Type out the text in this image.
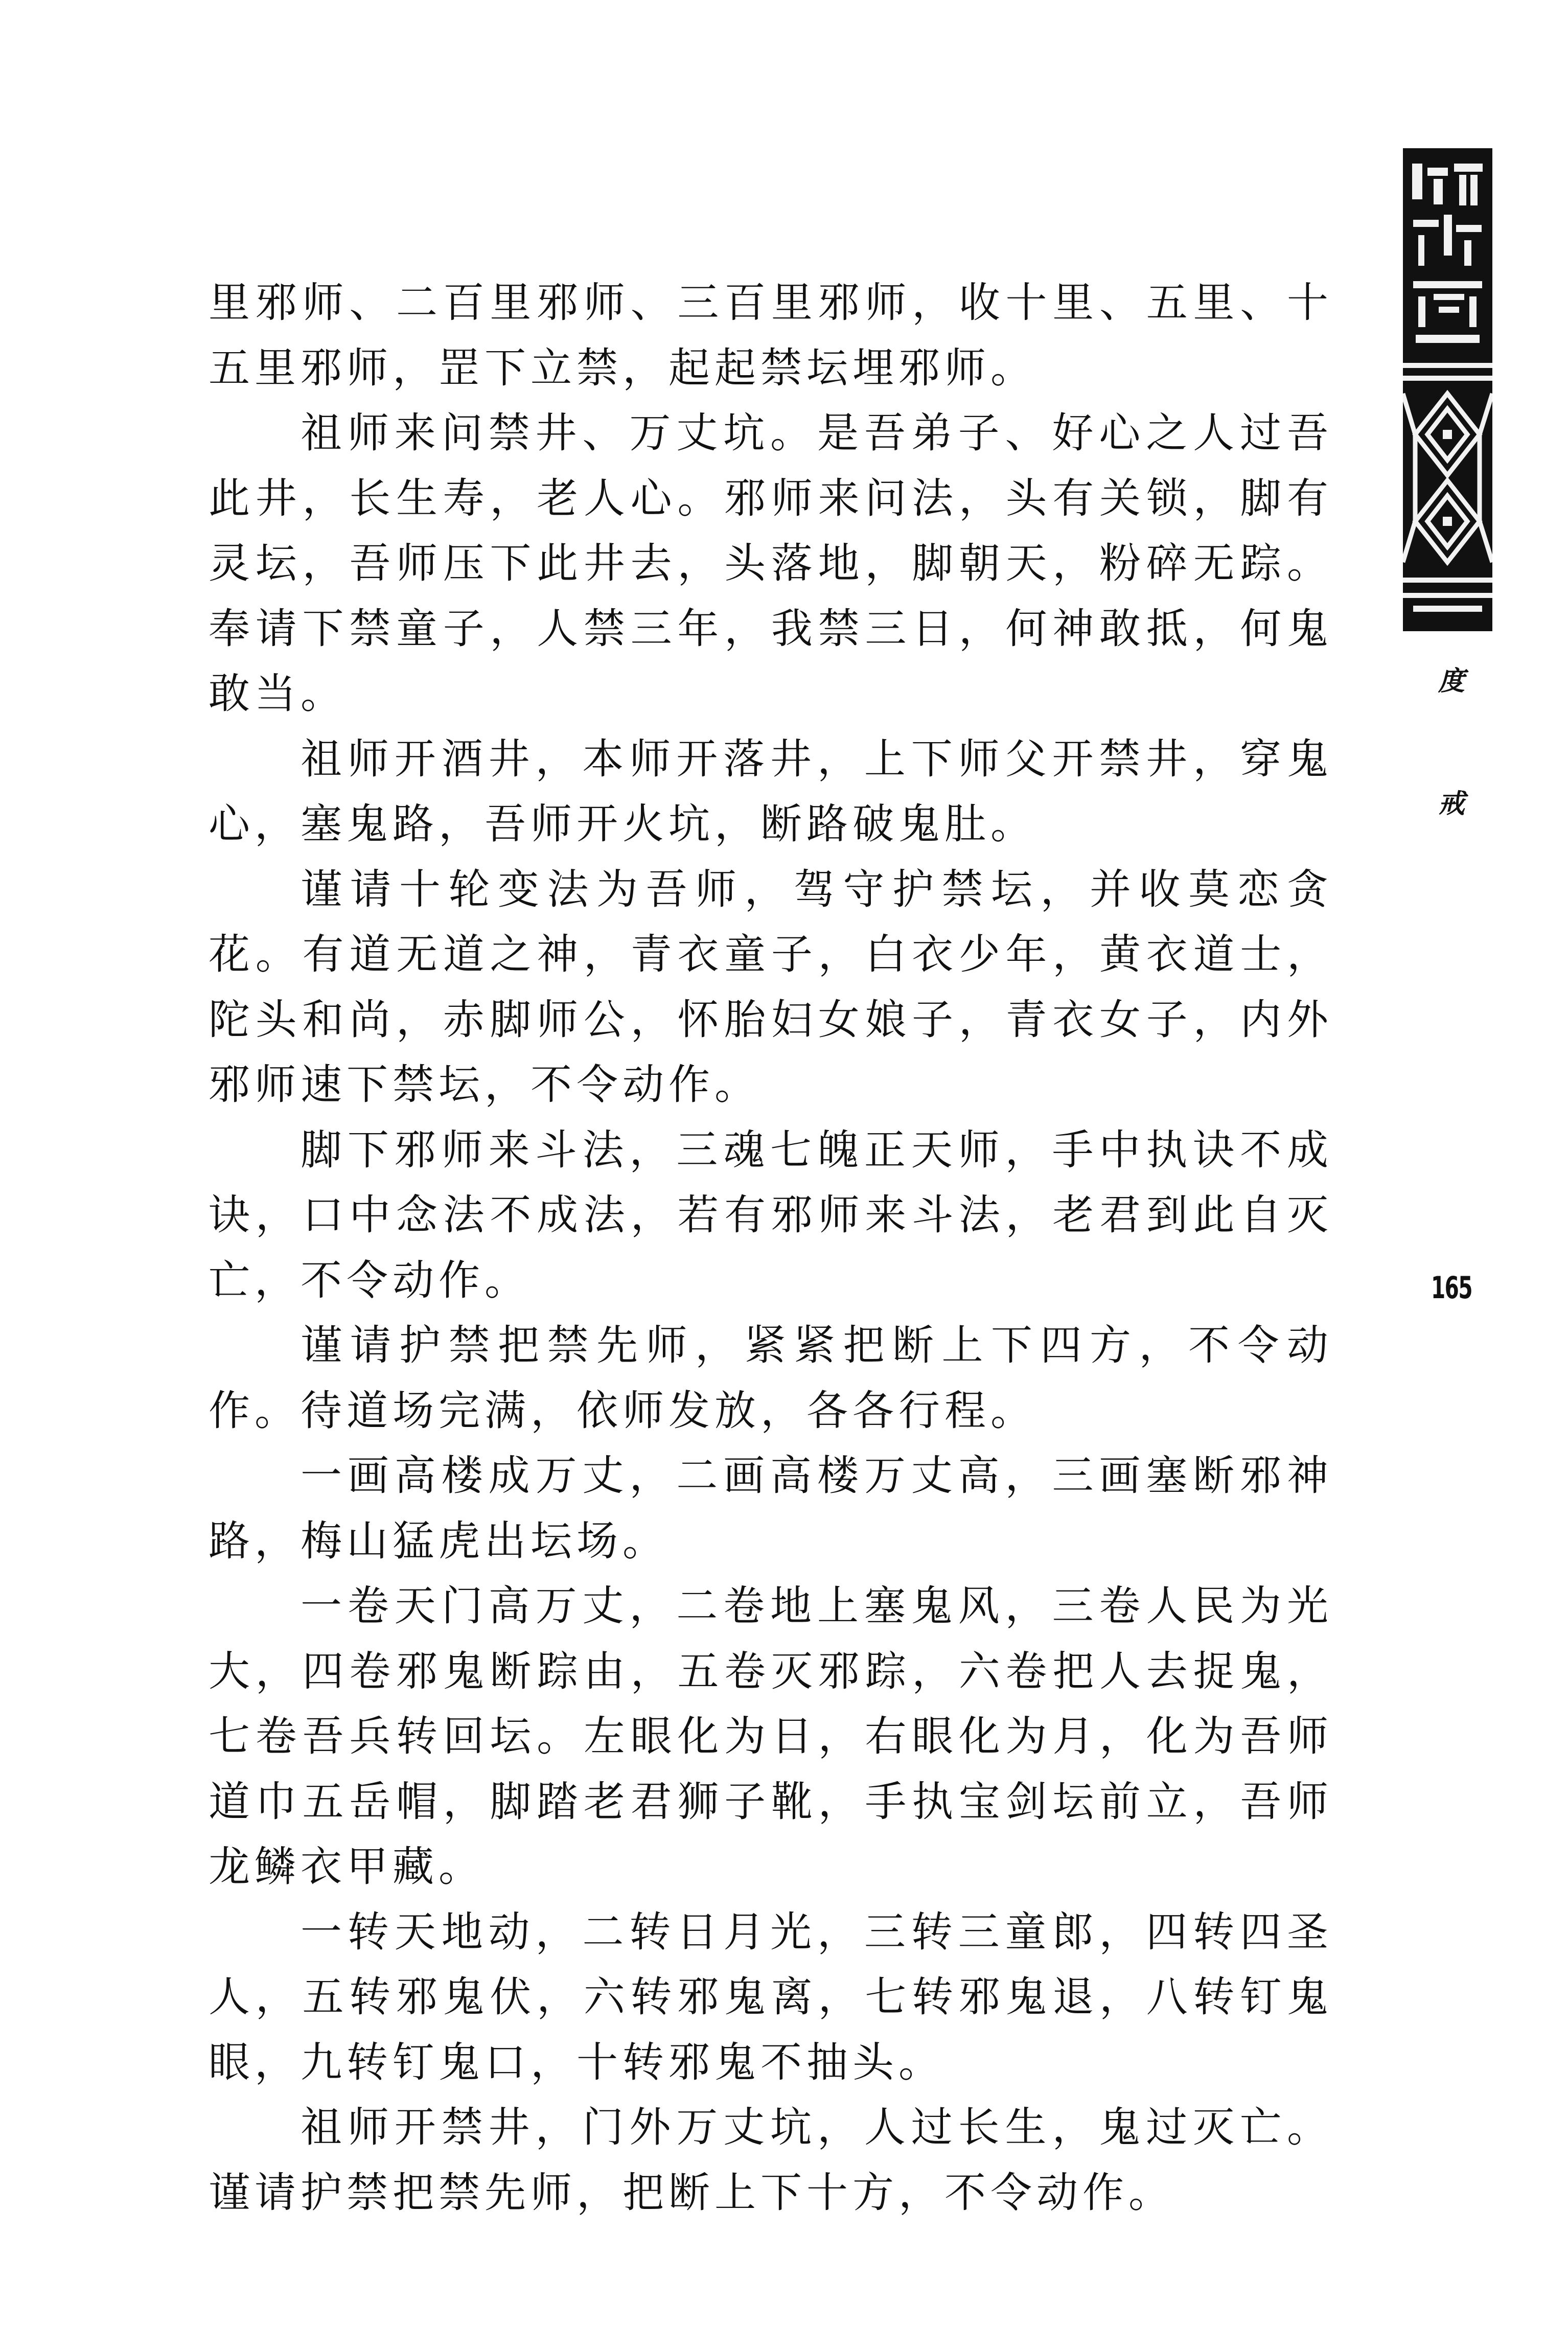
度
戒
165

里邪师、二百里邪师、三百里邪师，收十里、五里、十五里邪师，罡下立禁，起起禁坛埋邪师。

祖师来问禁井、万丈坑。是吾弟子、好心之人过吾此井，长生寿，老人心。邪师来问法，头有关锁，脚有灵坛，吾师压下此井去，头落地，脚朝天，粉碎无踪。奉请下禁童子，人禁三年，我禁三日，何神敢抵，何鬼敢当。

祖师开酒井，本师开落井，上下师父开禁井，穿鬼心，塞鬼路，吾师开火坑，断路破鬼肚。

谨请十轮变法为吾师，驾守护禁坛，并收莫恋贪花。有道无道之神，青衣童子，白衣少年，黄衣道士，陀头和尚，赤脚师公，怀胎妇女娘子，青衣女子，内外邪师速下禁坛，不令动作。

脚下邪师来斗法，三魂七魄正天师，手中执诀不成诀，口中念法不成法，若有邪师来斗法，老君到此自灭亡，不令动作。

谨请护禁把禁先师，紧紧把断上下四方，不令动作。待道场完满，依师发放，各各行程。

一画高楼成万丈，二画高楼万丈高，三画塞断邪神路，梅山猛虎出坛场。

一卷天门高万丈，二卷地上塞鬼风，三卷人民为光大，四卷邪鬼断踪由，五卷灭邪踪，六卷把人去捉鬼，七卷吾兵转回坛。左眼化为日，右眼化为月，化为吾师道巾五岳帽，脚踏老君狮子靴，手执宝剑坛前立，吾师龙鳞衣甲藏。

一转天地动，二转日月光，三转三童郎，四转四圣人，五转邪鬼伏，六转邪鬼离，七转邪鬼退，八转钉鬼眼，九转钉鬼口，十转邪鬼不抽头。

祖师开禁井，门外万丈坑，人过长生，鬼过灭亡。谨请护禁把禁先师，把断上下十方，不令动作。
